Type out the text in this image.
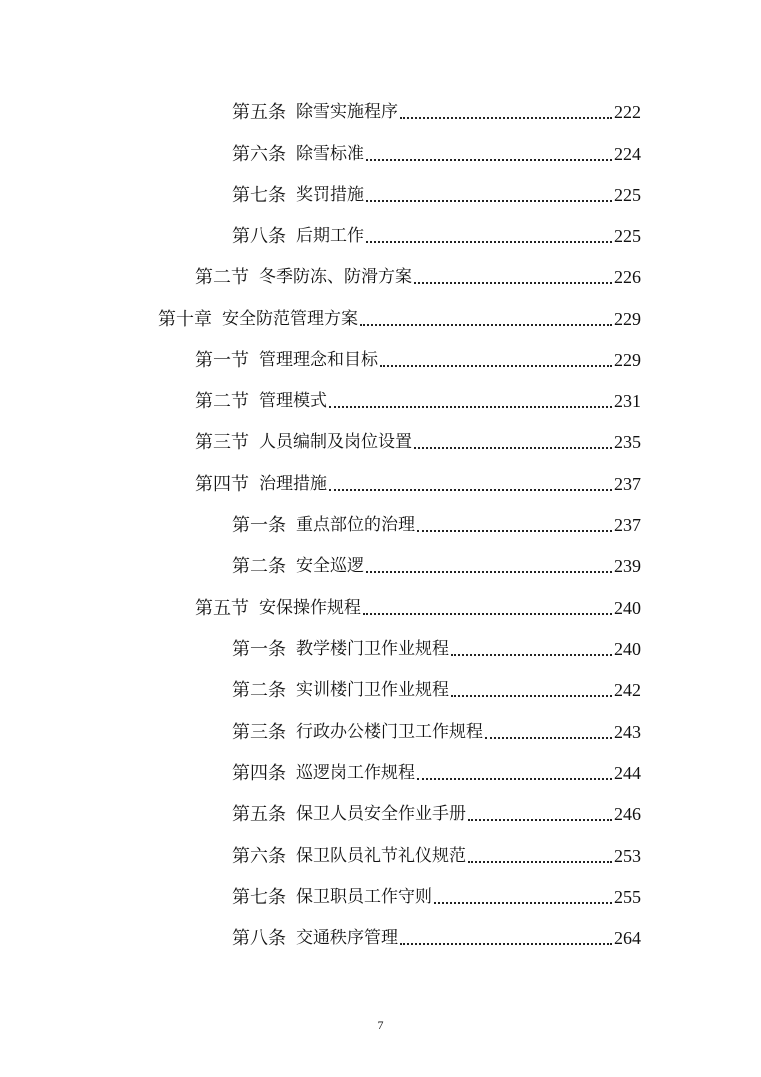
第五条 除雪实施程序	222
第六条 除雪标准	224
第七条 奖罚措施	225
第八条 后期工作	225
第二节 冬季防冻、防滑方案	226
第十章 安全防范管理方案	229
第一节 管理理念和目标	229
第二节 管理模式	231
第三节 人员编制及岗位设置	235
第四节 治理措施	237
第一条 重点部位的治理	237
第二条 安全巡逻	239
第五节 安保操作规程	240
第一条 教学楼门卫作业规程	240
第二条 实训楼门卫作业规程	242
第三条 行政办公楼门卫工作规程	243
第四条 巡逻岗工作规程	244
第五条 保卫人员安全作业手册	246
第六条 保卫队员礼节礼仪规范	253
第七条 保卫职员工作守则	255
第八条 交通秩序管理	264
7
